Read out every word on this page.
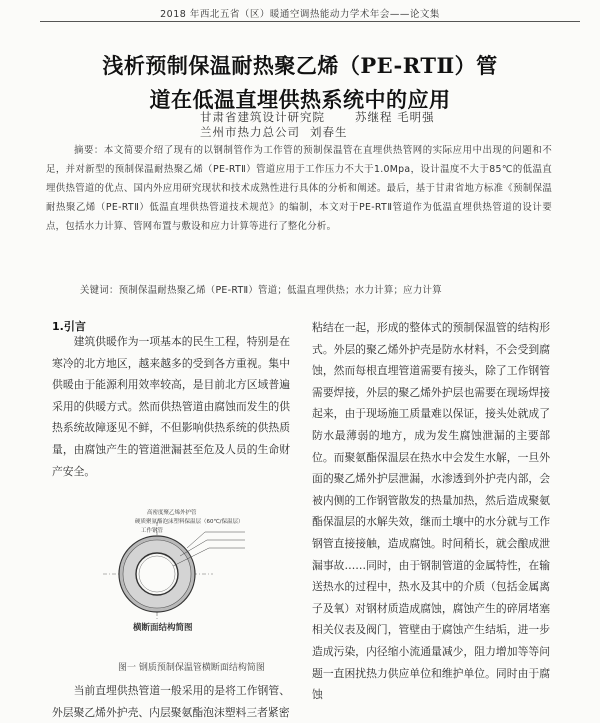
2018 年西北五省（区）暖通空调热能动力学术年会——论文集
浅析预制保温耐热聚乙烯（PE-RTⅡ）管
道在低温直埋供热系统中的应用
甘肃省建筑设计研究院	苏继程 毛明强
兰州市热力总公司 刘春生
摘要：本文简要介绍了现有的以钢制管作为工作管的预制保温管在直埋供热管网的实际应用中出现的问题和不足，并对新型的预制保温耐热聚乙烯（PE-RTⅡ）管道应用于工作压力不大于1.0Mpa，设计温度不大于85℃的低温直埋供热管道的优点、国内外应用研究现状和技术成熟性进行具体的分析和阐述。最后，基于甘肃省地方标准《预制保温耐热聚乙烯（PE-RTⅡ）低温直埋供热管道技术规范》的编制，本文对于PE-RTⅡ管道作为低温直埋供热管道的设计要点，包括水力计算、管网布置与敷设和应力计算等进行了整化分析。
关键词：预制保温耐热聚乙烯（PE-RTⅡ）管道；低温直埋供热；水力计算；应力计算
1.引言

建筑供暖作为一项基本的民生工程，特别是在寒冷的北方地区，越来越多的受到各方重视。集中供暖由于能源利用效率较高，是目前北方区域普遍采用的供暖方式。然而供热管道由腐蚀而发生的供热系统故障逐见不鲜，不但影响供热系统的供热质量，由腐蚀产生的管道泄漏甚至危及人员的生命财产安全。

粘结在一起，形成的整体式的预制保温管的结构形式。外层的聚乙烯外护壳是防水材料，不会受到腐蚀，然而每根直埋管道需要有接头，除了工作钢管需要焊接，外层的聚乙烯外护层也需要在现场焊接起来，由于现场施工质量难以保证，接头处就成了防水最薄弱的地方，成为发生腐蚀泄漏的主要部位。而聚氨酯保温层在热水中会发生水解，一旦外面的聚乙烯外护层泄漏，水渗透到外护壳内部，会被内侧的工作钢管散发的热量加热，然后造成聚氨酯保温层的水解失效，继而土壤中的水分就与工作钢管直接接触，造成腐蚀。时间稍长，就会酿成泄漏事故……同时，由于钢制管道的金属特性，在输送热水的过程中，热水及其中的介质（包括金属离子及氧）对钢材质造成腐蚀，腐蚀产生的碎屑堵塞相关仪表及阀门，管壁由于腐蚀产生结垢，进一步造成污染，内径缩小流通量减少，阻力增加等等问题一直困扰热力供应单位和维护单位。同时由于腐蚀

高密度聚乙烯外护管
硬质聚氨酯泡沫塑料保温层（60℃/保温层）
工作钢管
横断面结构简图
图一 钢质预制保温管横断面结构简图

当前直埋供热管道一般采用的是将工作钢管、外层聚乙烯外护壳、内层聚氨酯泡沫塑料三者紧密
